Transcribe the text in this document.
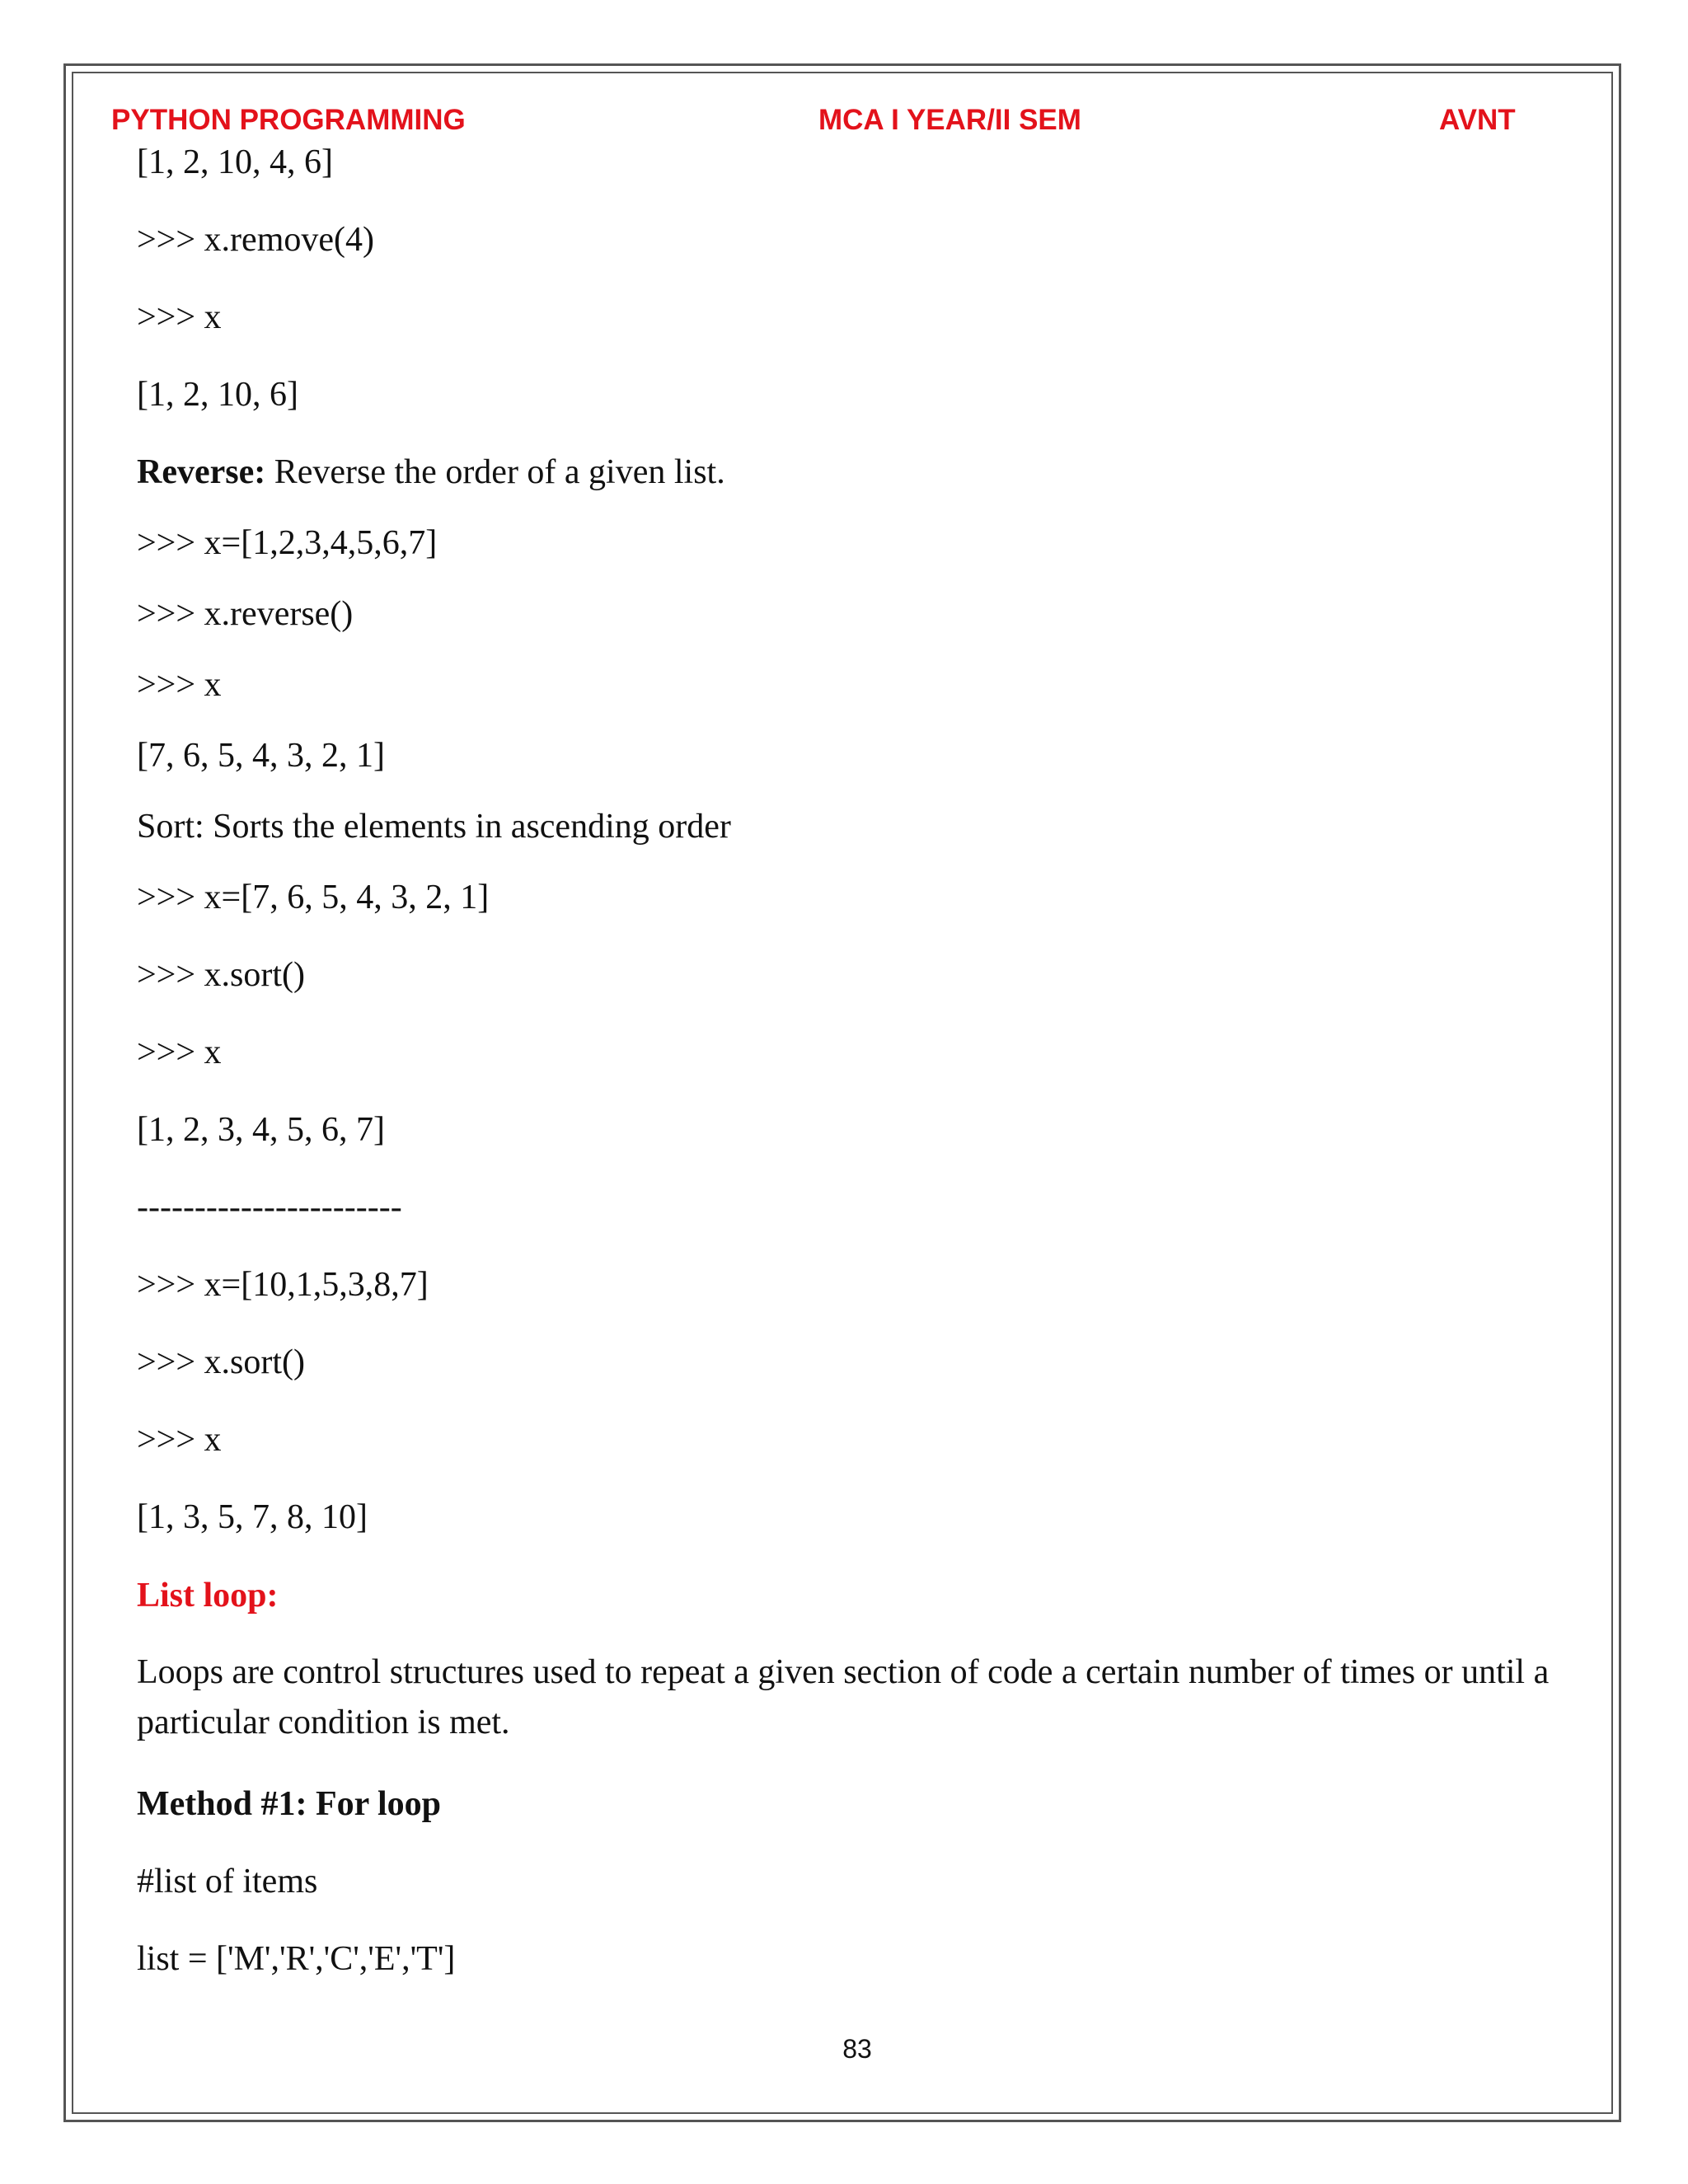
PYTHON PROGRAMMING	MCA I YEAR/II SEM	AVNT
[1, 2, 10, 4, 6]
>>> x.remove(4)
>>> x
[1, 2, 10, 6]
Reverse: Reverse the order of a given list.
>>> x=[1,2,3,4,5,6,7]
>>> x.reverse()
>>> x
[7, 6, 5, 4, 3, 2, 1]
Sort: Sorts the elements in ascending order
>>> x=[7, 6, 5, 4, 3, 2, 1]
>>> x.sort()
>>> x
[1, 2, 3, 4, 5, 6, 7]
-----------------------
>>> x=[10,1,5,3,8,7]
>>> x.sort()
>>> x
[1, 3, 5, 7, 8, 10]
List loop:
Loops are control structures used to repeat a given section of code a certain number of times or until a particular condition is met.
Method #1: For loop
#list of items
list = ['M','R','C','E','T']
83
